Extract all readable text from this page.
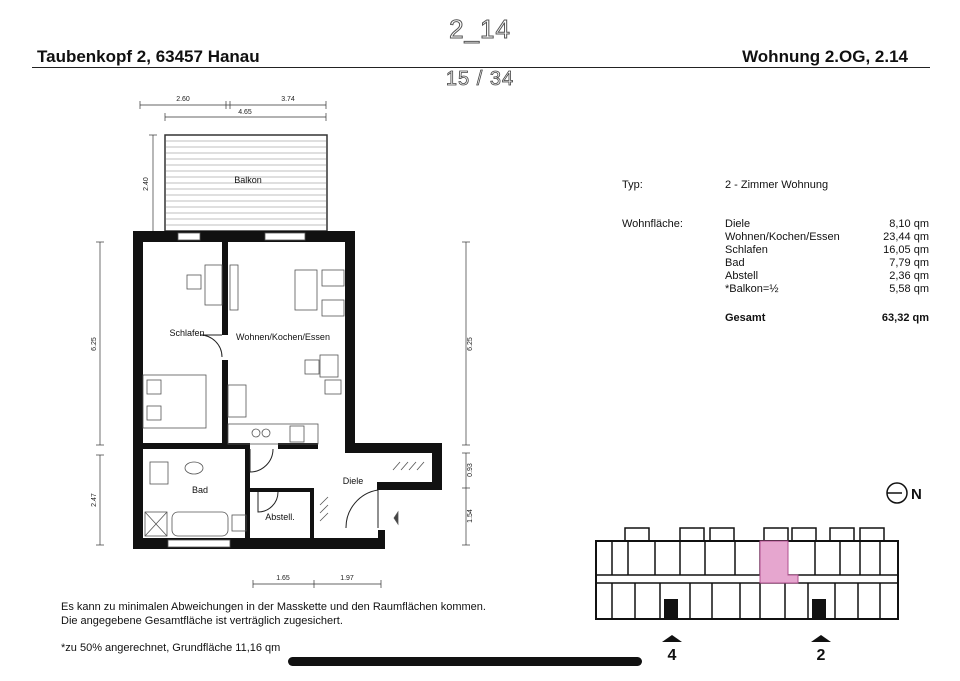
2_14
15 / 34
Taubenkopf 2, 63457 Hanau	Wohnung 2.OG, 2.14
Balkon
Schlafen	Wohnen/Kochen/Essen
Bad
Abstell.
Diele
2.60	3.74
4.65
2.40
6.25
2.47
6.25
0.93
1.54
1.65	1.97
N
4	2
Typ:	2 - Zimmer Wohnung
Wohnfläche:	Diele	8,10 qm
Wohnen/Kochen/Essen	23,44 qm
Schlafen	16,05 qm
Bad	7,79 qm
Abstell	2,36 qm
*Balkon=½	5,58 qm
Gesamt	63,32 qm
Es kann zu minimalen Abweichungen in der Masskette und den Raumflächen kommen.
Die angegebene Gesamtfläche ist verträglich zugesichert.
*zu 50% angerechnet, Grundfläche 11,16 qm
